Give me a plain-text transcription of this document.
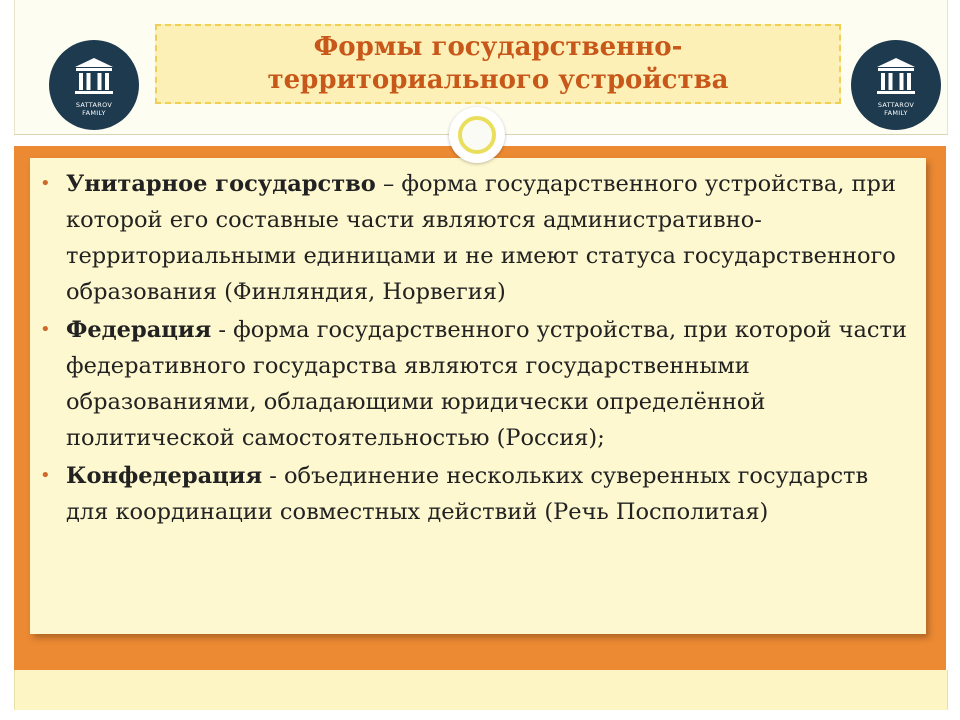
SATTAROV
FAMILY
Формы государственно-
территориального устройства
SATTAROV
FAMILY
• Унитарное государство – форма государственного устройства, при которой его составные части являются административно-территориальными единицами и не имеют статуса государственного образования (Финляндия, Норвегия)
• Федерация - форма государственного устройства, при которой части федеративного государства являются государственными образованиями, обладающими юридически определённой политической самостоятельностью (Россия);
• Конфедерация - объединение нескольких суверенных государств для координации совместных действий (Речь Посполитая)
